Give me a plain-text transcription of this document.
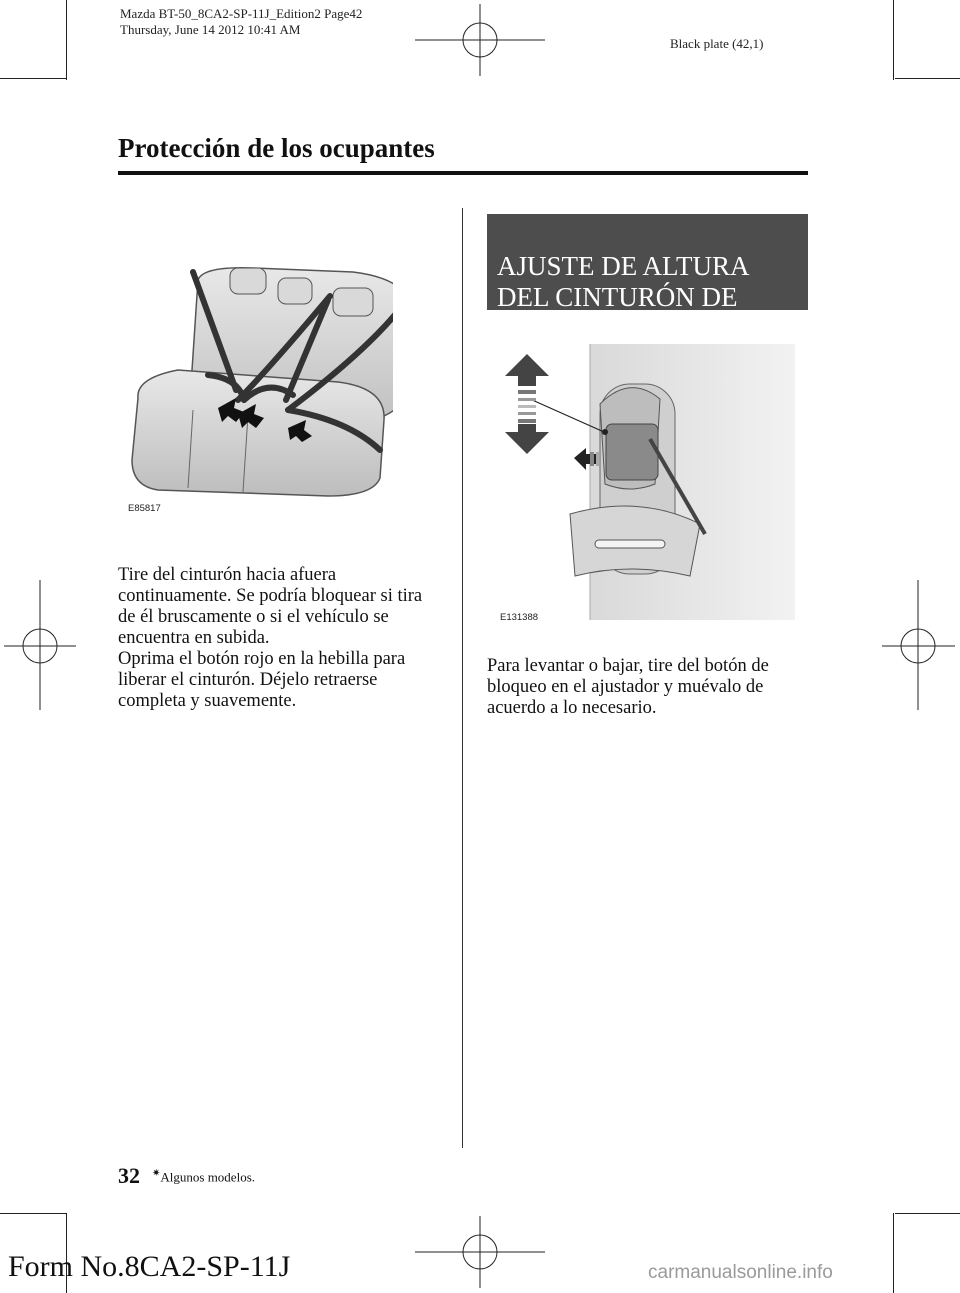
Mazda BT-50_8CA2-SP-11J_Edition2 Page42
Thursday, June 14 2012 10:41 AM
Black plate (42,1)
Protección de los ocupantes
E85817
Tire del cinturón hacia afuera
continuamente. Se podría bloquear si tira
de él bruscamente o si el vehículo se
encuentra en subida.
Oprima el botón rojo en la hebilla para
liberar el cinturón. Déjelo retraerse
completa y suavemente.

AJUSTE DE ALTURA
DEL CINTURÓN DE
SEGURIDAD✷

E131388
Para levantar o bajar, tire del botón de
bloqueo en el ajustador y muévalo de
acuerdo a lo necesario.
32 ✷Algunos modelos.
Form No.8CA2-SP-11J	carmanualsonline.info
